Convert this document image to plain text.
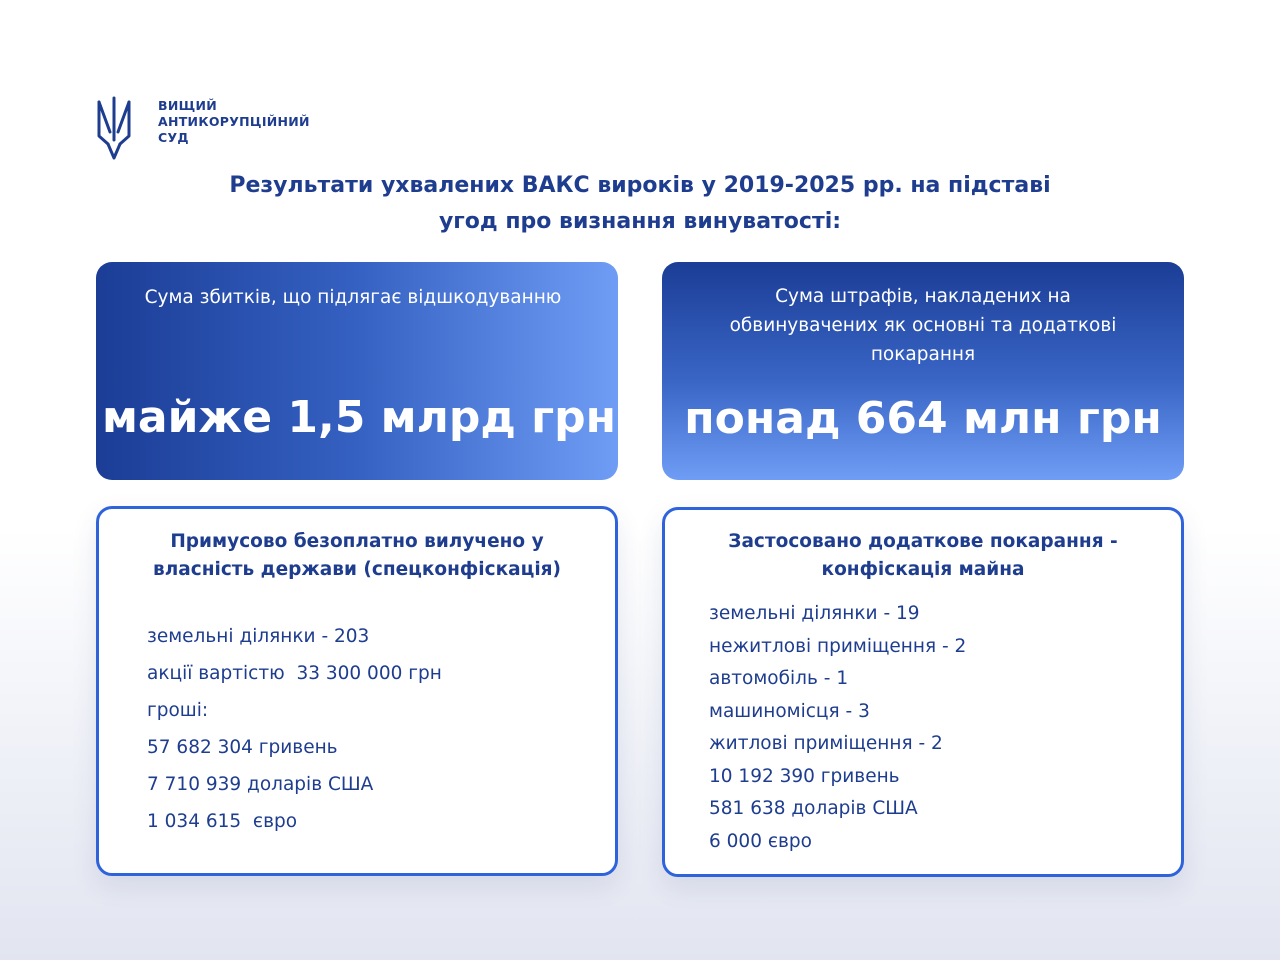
ВИЩИЙ
АНТИКОРУПЦІЙНИЙ
СУД
Результати ухвалених ВАКС вироків у 2019-2025 рр. на підставі
угод про визнання винуватості:
Сума збитків, що підлягає відшкодуванню
майже 1,5 млрд грн
Сума штрафів, накладених на
обвинувачених як основні та додаткові
покарання
понад 664 млн грн
Примусово безоплатно вилучено у
власність держави (спецконфіскація)
земельні ділянки - 203
акції вартістю  33 300 000 грн
гроші:
57 682 304 гривень
7 710 939 доларів США
1 034 615  євро
Застосовано додаткове покарання -
конфіскація майна
земельні ділянки - 19
нежитлові приміщення - 2
автомобіль - 1
машиномісця - 3
житлові приміщення - 2
10 192 390 гривень
581 638 доларів США
6 000 євро
